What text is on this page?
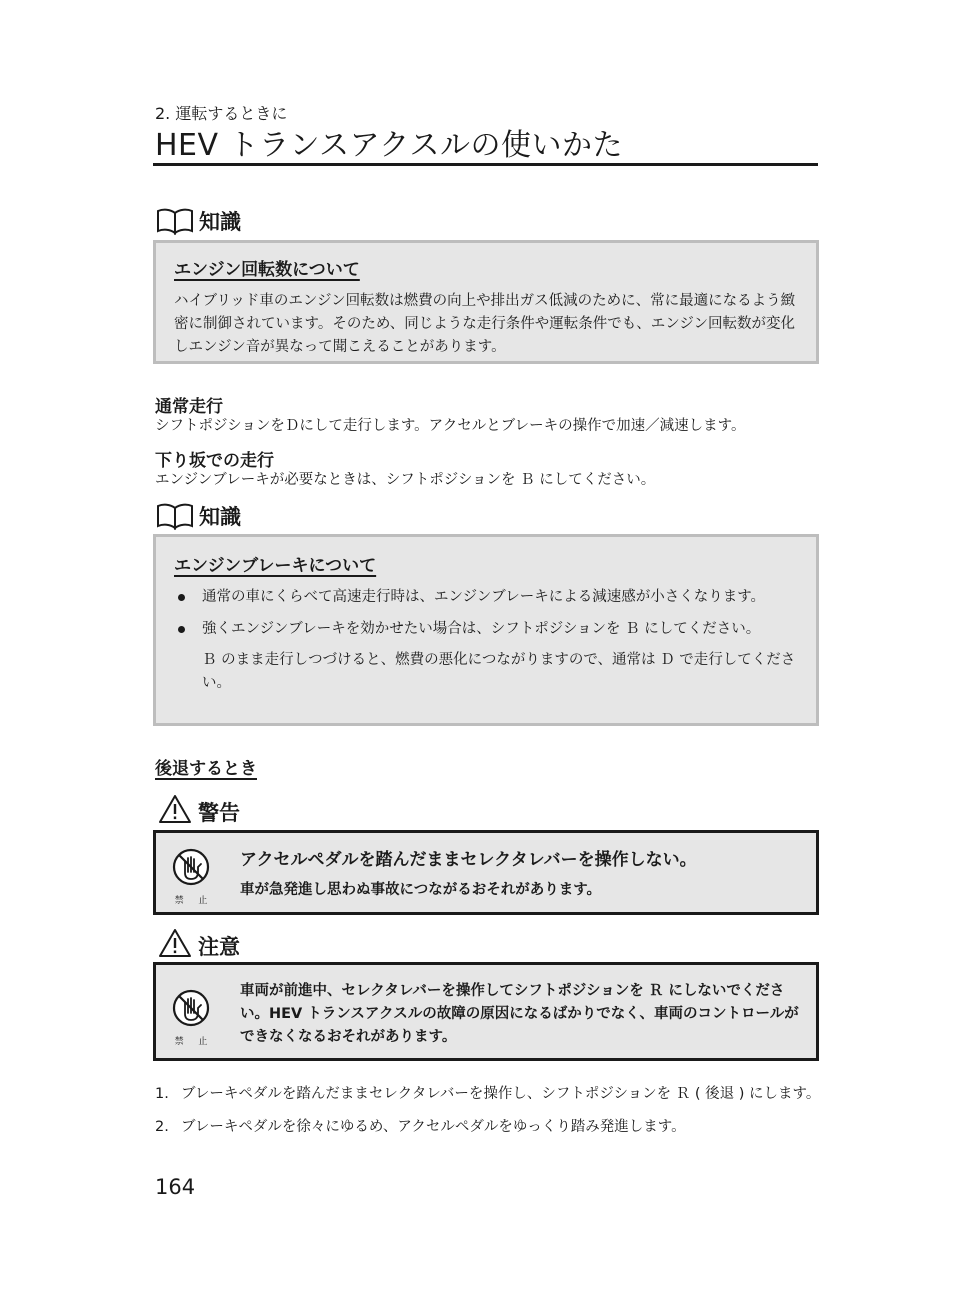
2. 運転するときに
HEV トランスアクスルの使いかた
知識
エンジン回転数について
ハイブリッド車のエンジン回転数は燃費の向上や排出ガス低減のために、常に最適になるよう緻密に制御されています。そのため、同じような走行条件や運転条件でも、エンジン回転数が変化しエンジン音が異なって聞こえることがあります。
通常走行
シフトポジションをＤにして走行します。アクセルとブレーキの操作で加速／減速します。
下り坂での走行
エンジンブレーキが必要なときは、シフトポジションを Ｂ にしてください。
知識
エンジンブレーキについて
通常の車にくらべて高速走行時は、エンジンブレーキによる減速感が小さくなります。
強くエンジンブレーキを効かせたい場合は、シフトポジションを Ｂ にしてください。
Ｂ のまま走行しつづけると、燃費の悪化につながりますので、通常は Ｄ で走行してください。
後退するとき
警告
禁 止
アクセルペダルを踏んだままセレクタレバーを操作しない。
車が急発進し思わぬ事故につながるおそれがあります。
注意
禁 止
車両が前進中、セレクタレバーを操作してシフトポジションを Ｒ にしないでください。HEV トランスアクスルの故障の原因になるばかりでなく、車両のコントロールができなくなるおそれがあります。
1. ブレーキペダルを踏んだままセレクタレバーを操作し、シフトポジションを Ｒ ( 後退 ) にします。
2. ブレーキペダルを徐々にゆるめ、アクセルペダルをゆっくり踏み発進します。
164
